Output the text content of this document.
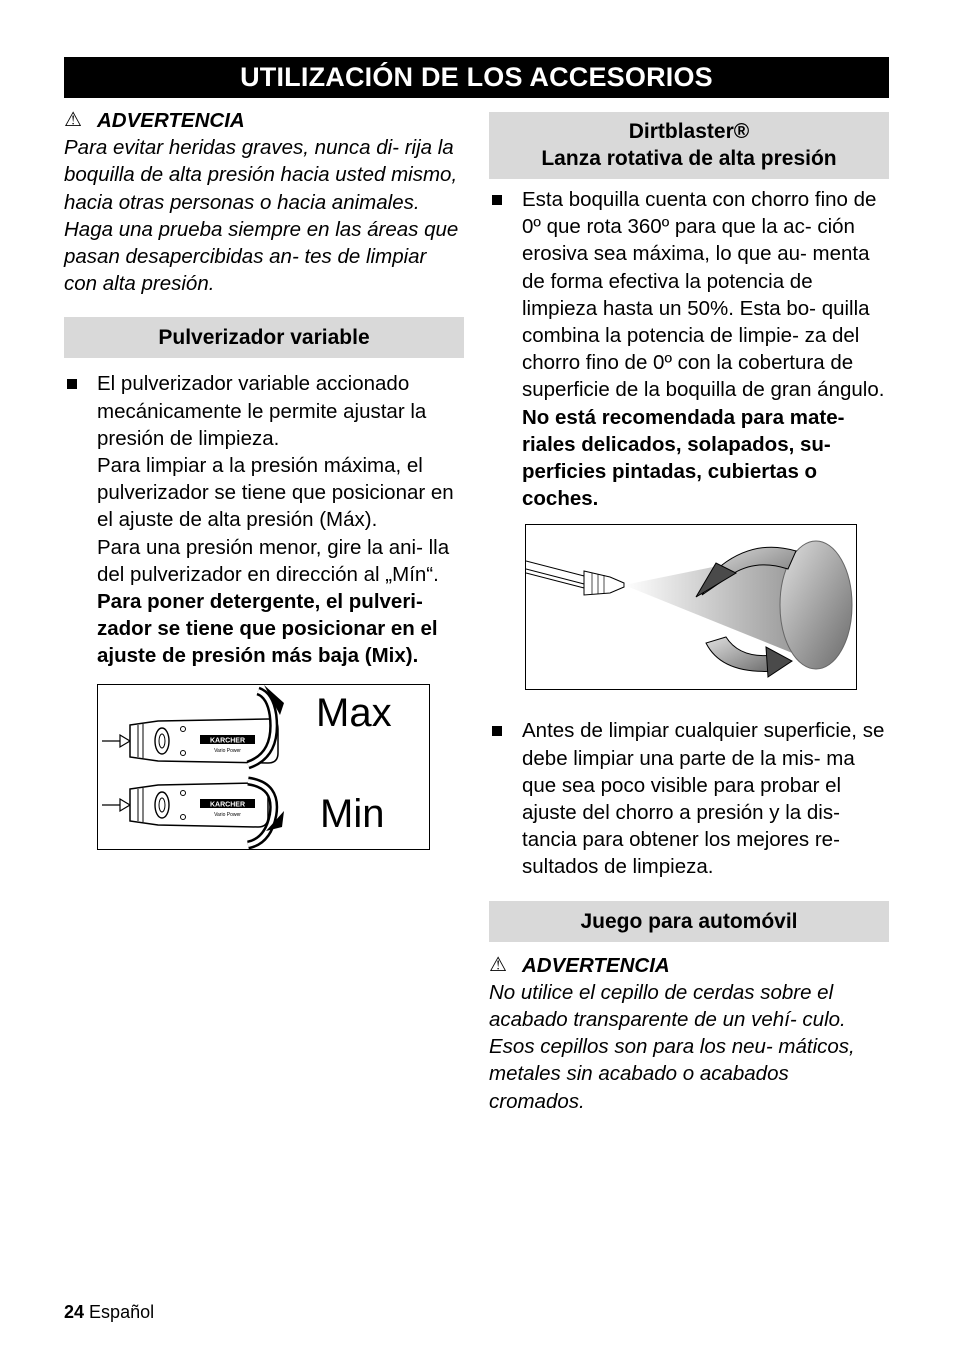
UTILIZACIÓN DE LOS ACCESORIOS
⚠ ADVERTENCIA

Para evitar heridas graves, nunca di- rija la boquilla de alta presión hacia usted mismo, hacia otras personas o hacia animales.

Haga una prueba siempre en las áreas que pasan desapercibidas an- tes de limpiar con alta presión.

Pulverizador variable

El pulverizador variable accionado mecánicamente le permite ajustar la presión de limpieza.

Para limpiar a la presión máxima, el pulverizador se tiene que posicionar en el ajuste de alta presión (Máx).

Para una presión menor, gire la ani- lla del pulverizador en dirección al „Mín“.

Para poner detergente, el pulveri- zador se tiene que posicionar en el ajuste de presión más baja (Mix).

KARCHER
Vario Power
KARCHER
Vario Power
Max
Min
Dirtblaster®
Lanza rotativa de alta presión

Esta boquilla cuenta con chorro fino de 0º que rota 360º para que la ac- ción erosiva sea máxima, lo que au- menta de forma efectiva la potencia de limpieza hasta un 50%. Esta bo- quilla combina la potencia de limpie- za del chorro fino de 0º con la cobertura de superficie de la boquilla de gran ángulo.

No está recomendada para mate- riales delicados, solapados, su- perficies pintadas, cubiertas o coches.

Antes de limpiar cualquier superficie, se debe limpiar una parte de la mis- ma que sea poco visible para probar el ajuste del chorro a presión y la dis- tancia para obtener los mejores re- sultados de limpieza.

Juego para automóvil
⚠ ADVERTENCIA

No utilice el cepillo de cerdas sobre el acabado transparente de un vehí- culo. Esos cepillos son para los neu- máticos, metales sin acabado o acabados cromados.

24 Español
